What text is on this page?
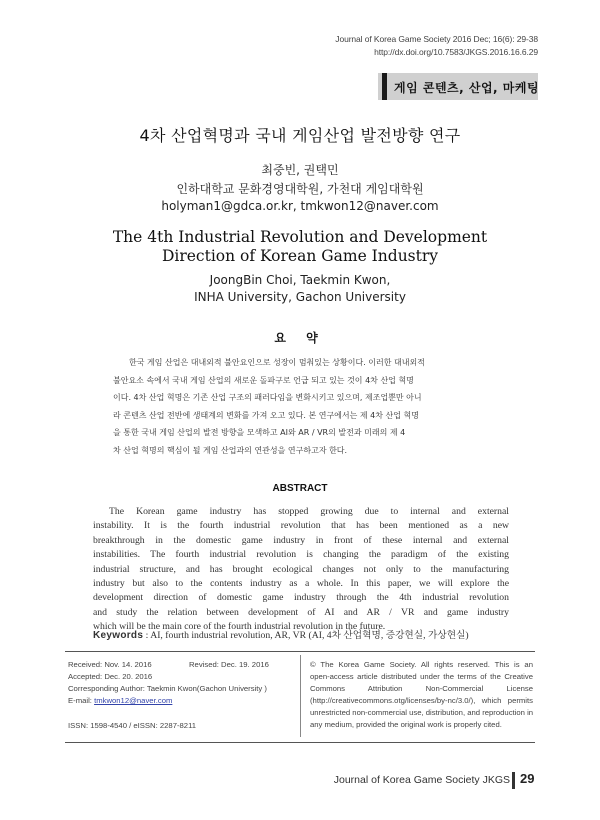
Journal of Korea Game Society 2016 Dec; 16(6): 29-38
http://dx.doi.org/10.7583/JKGS.2016.16.6.29
게임 콘텐츠, 산업, 마케팅
4차 산업혁명과 국내 게임산업 발전방향 연구
최중빈, 권택민
인하대학교 문화경영대학원, 가천대 게임대학원
holyman1@gdca.or.kr, tmkwon12@naver.com
The 4th Industrial Revolution and Development Direction of Korean Game Industry
JoongBin Choi, Taekmin Kwon,
INHA University, Gachon University
요 약
한국 게임 산업은 대내외적 불안요인으로 성장이 멈춰있는 상황이다. 이러한 대내외적
불안요소 속에서 국내 게임 산업의 새로운 돌파구로 언급 되고 있는 것이 4차 산업 혁명
이다. 4차 산업 혁명은 기존 산업 구조의 패러다임을 변화시키고 있으며, 제조업뿐만 아니
라 콘텐츠 산업 전반에 생태계의 변화를 가져 오고 있다. 본 연구에서는 제 4차 산업 혁명
을 통한 국내 게임 산업의 발전 방향을 모색하고 AI와 AR / VR의 발전과 미래의 제 4
차 산업 혁명의 핵심이 될 게임 산업과의 연관성을 연구하고자 한다.
ABSTRACT
The Korean game industry has stopped growing due to internal and external
instability. It is the fourth industrial revolution that has been mentioned as a new
breakthrough in the domestic game industry in front of these internal and external
instabilities. The fourth industrial revolution is changing the paradigm of the existing
industrial structure, and has brought ecological changes not only to the manufacturing
industry but also to the contents industry as a whole. In this paper, we will explore the
development direction of domestic game industry through the 4th industrial revolution
and study the relation between development of AI and AR / VR and game industry
which will be the main core of the fourth industrial revolution in the future.
Keywords : AI, fourth industrial revolution, AR, VR (AI, 4차 산업혁명, 증강현실, 가상현실)
Received: Nov. 14. 2016	Revised: Dec. 19. 2016
Accepted: Dec. 20. 2016
Corresponding Author: Taekmin Kwon(Gachon University )
E-mail: tmkwon12@naver.com
ISSN: 1598-4540 / eISSN: 2287-8211
© The Korea Game Society. All rights reserved. This is an
open-access article distributed under the terms of the Creative
Commons Attribution Non-Commercial License
(http://creativecommons.otg/licenses/by-nc/3.0/), which permits
unrestricted non-commercial use, distribution, and reproduction in
any medium, provided the original work is properly cited.
Journal of Korea Game Society JKGS 29
